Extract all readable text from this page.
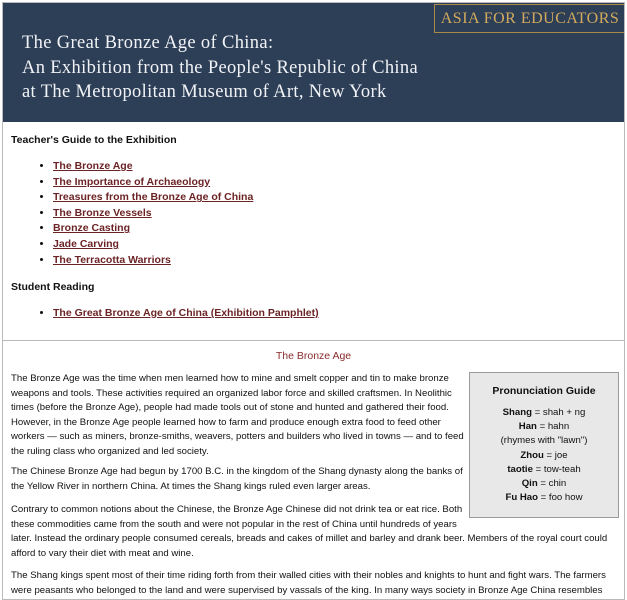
ASIA FOR EDUCATORS
The Great Bronze Age of China:
An Exhibition from the People's Republic of China
at The Metropolitan Museum of Art, New York
Teacher's Guide to the Exhibition
• The Bronze Age
• The Importance of Archaeology
• Treasures from the Bronze Age of China
• The Bronze Vessels
• Bronze Casting
• Jade Carving
• The Terracotta Warriors
Student Reading
• The Great Bronze Age of China (Exhibition Pamphlet)
The Bronze Age
The Bronze Age was the time when men learned how to mine and smelt copper and tin to make bronze
weapons and tools. These activities required an organized labor force and skilled craftsmen. In Neolithic
times (before the Bronze Age), people had made tools out of stone and hunted and gathered their food.
However, in the Bronze Age people learned how to farm and produce enough extra food to feed other
workers — such as miners, bronze-smiths, weavers, potters and builders who lived in towns — and to feed
the ruling class who organized and led society.
The Chinese Bronze Age had begun by 1700 B.C. in the kingdom of the Shang dynasty along the banks of
the Yellow River in northern China. At times the Shang kings ruled even larger areas.
Contrary to common notions about the Chinese, the Bronze Age Chinese did not drink tea or eat rice. Both
these commodities came from the south and were not popular in the rest of China until hundreds of years
later. Instead the ordinary people consumed cereals, breads and cakes of millet and barley and drank beer. Members of the royal court could
afford to vary their diet with meat and wine.
The Shang kings spent most of their time riding forth from their walled cities with their nobles and knights to hunt and fight wars. The farmers
were peasants who belonged to the land and were supervised by vassals of the king. In many ways society in Bronze Age China resembles
Pronunciation Guide
Shang = shah + ng
Han = hahn
(rhymes with "lawn")
Zhou = joe
taotie = tow-teah
Qin = chin
Fu Hao = foo how
